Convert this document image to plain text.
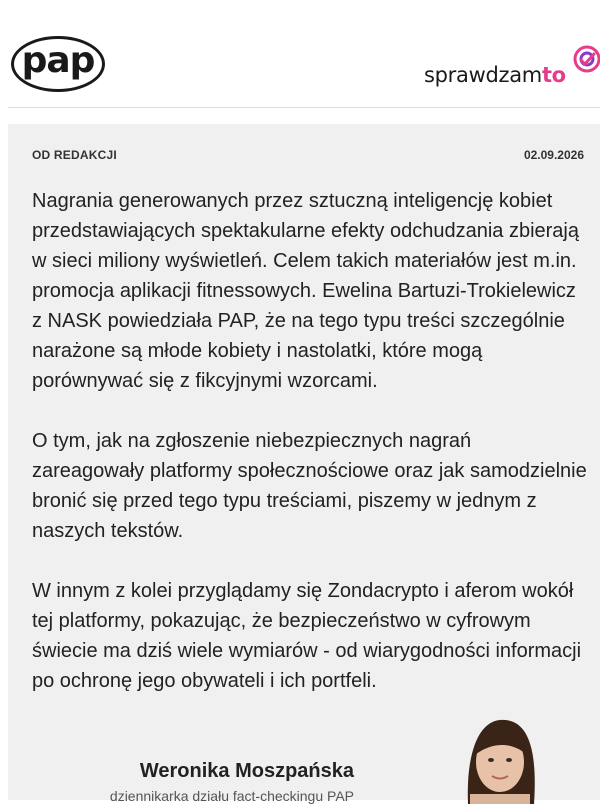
pap	sprawdzamto
OD REDAKCJI	02.09.2026

Nagrania generowanych przez sztuczną inteligencję kobiet przedstawiających spektakularne efekty odchudzania zbierają w sieci miliony wyświetleń. Celem takich materiałów jest m.in. promocja aplikacji fitnessowych. Ewelina Bartuzi-Trokielewicz z NASK powiedziała PAP, że na tego typu treści szczególnie narażone są młode kobiety i nastolatki, które mogą porównywać się z fikcyjnymi wzorcami.

O tym, jak na zgłoszenie niebezpiecznych nagrań zareagowały platformy społecznościowe oraz jak samodzielnie bronić się przed tego typu treściami, piszemy w jednym z naszych tekstów.

W innym z kolei przyglądamy się Zondacrypto i aferom wokół tej platformy, pokazując, że bezpieczeństwo w cyfrowym świecie ma dziś wiele wymiarów - od wiarygodności informacji po ochronę jego obywateli i ich portfeli.

Weronika Moszpańska
dziennikarka działu fact-checkingu PAP
